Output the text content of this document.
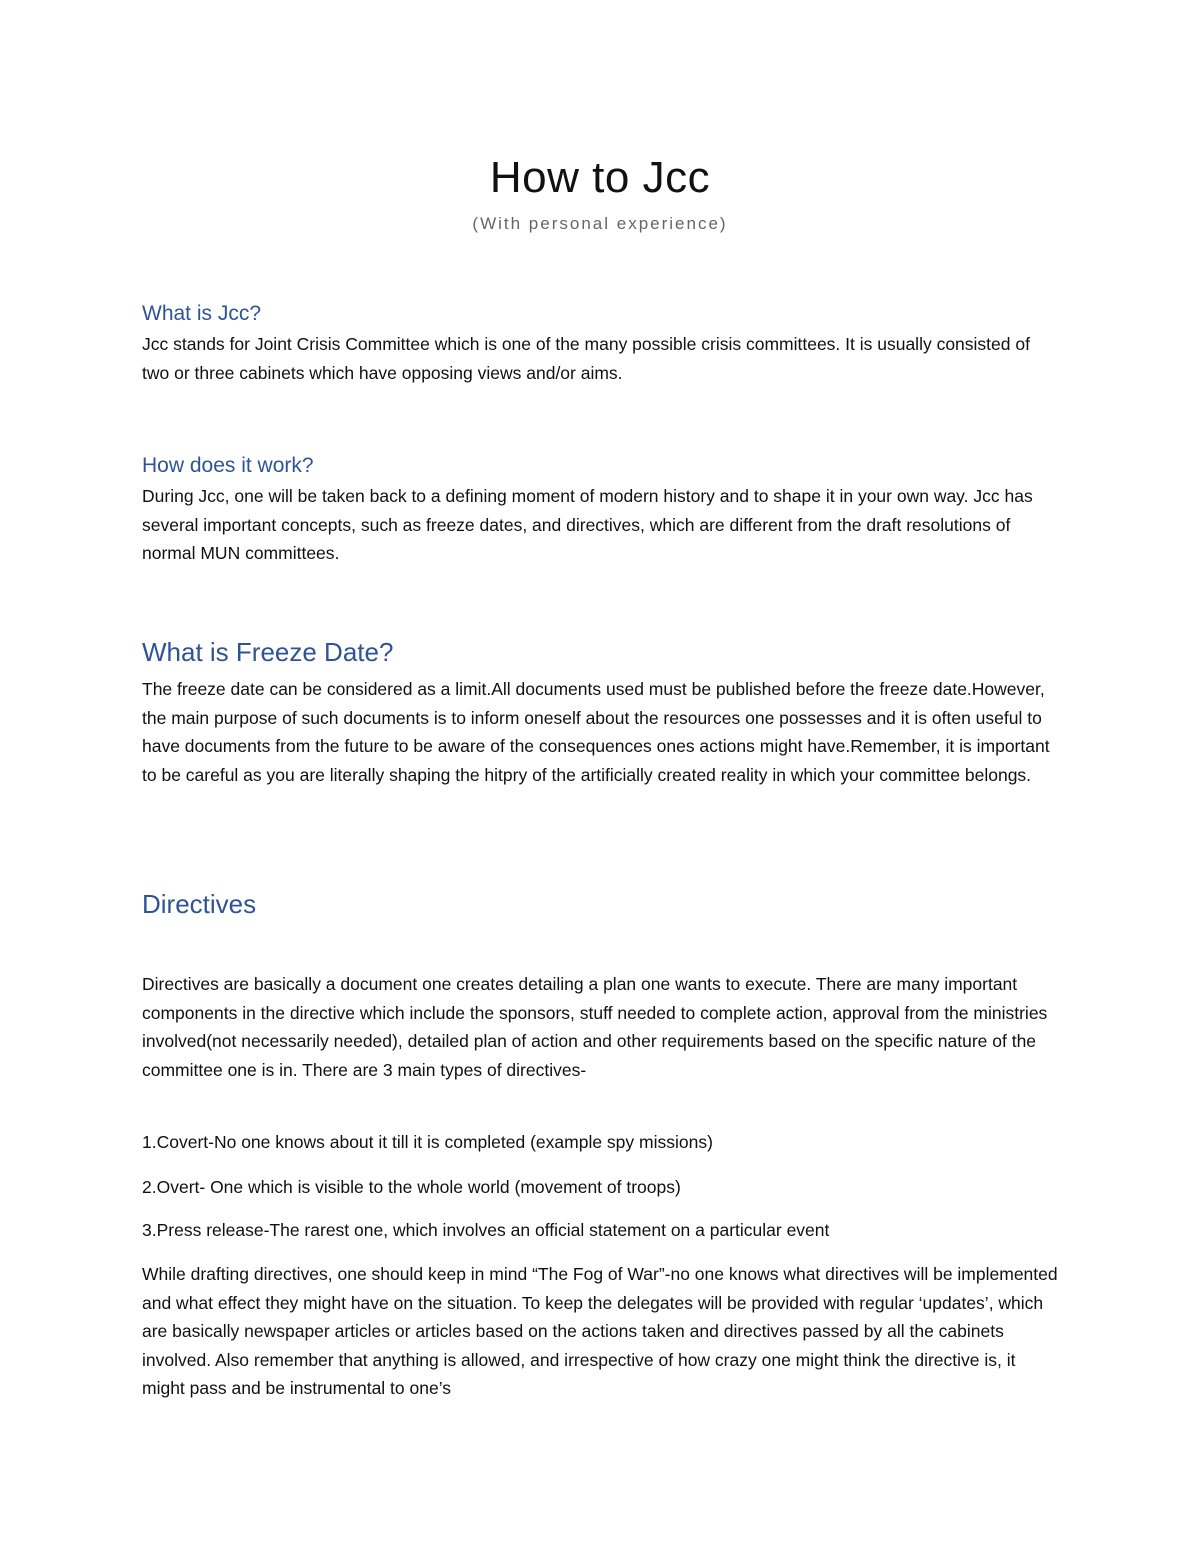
How to Jcc
(With personal experience)
What is Jcc?

Jcc stands for Joint Crisis Committee which is one of the many possible crisis committees. It is usually consisted of two or three cabinets which have opposing views and/or aims.

How does it work?

During Jcc, one will be taken back to a defining moment of modern history and to shape it in your own way. Jcc has several important concepts, such as freeze dates, and directives, which are different from the draft resolutions of normal MUN committees.

What is Freeze Date?

The freeze date can be considered as a limit.All documents used must be published before the freeze date.However, the main purpose of such documents is to inform oneself about the resources one possesses and it is often useful to have documents from the future to be aware of the consequences ones actions might have.Remember, it is important to be careful as you are literally shaping the hitpry of the artificially created reality in which your committee belongs.

Directives

Directives are basically a document one creates detailing a plan one wants to execute. There are many important components in the directive which include the sponsors, stuff needed to complete action, approval from the ministries involved(not necessarily needed), detailed plan of action and other requirements based on the specific nature of the committee one is in. There are 3 main types of directives-

1.Covert-No one knows about it till it is completed (example spy missions)

2.Overt- One which is visible to the whole world (movement of troops)

3.Press release-The rarest one, which involves an official statement on a particular event

While drafting directives, one should keep in mind “The Fog of War”-no one knows what directives will be implemented and what effect they might have on the situation. To keep the delegates will be provided with regular ‘updates’, which are basically newspaper articles or articles based on the actions taken and directives passed by all the cabinets involved. Also remember that anything is allowed, and irrespective of how crazy one might think the directive is, it might pass and be instrumental to one’s
